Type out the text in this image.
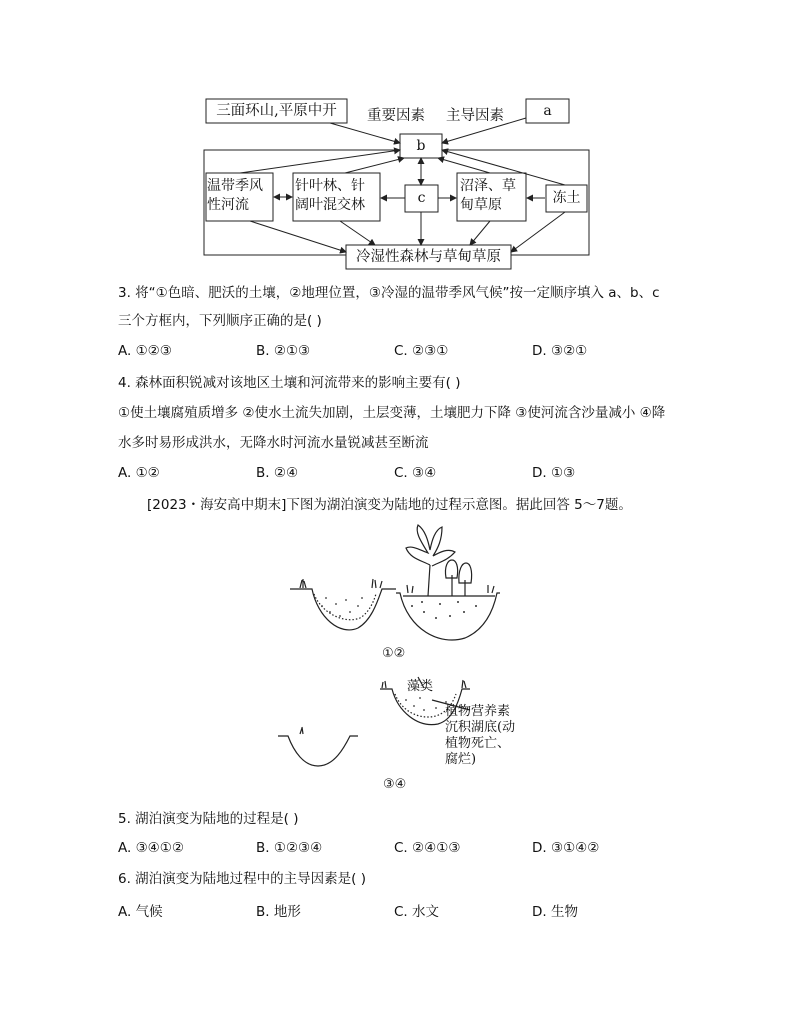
三面环山,平原中开	重要因素 主导因素	a
b
c
温带季风
性河流
针叶林、针
阔叶混交林
沼泽、草
甸草原	冻土
冷湿性森林与草甸草原
3. 将“①色暗、肥沃的土壤，②地理位置，③冷湿的温带季风气候”按一定顺序填入 a、b、c
三个方框内，下列顺序正确的是( )
A. ①②③	B. ②①③	C. ②③①	D. ③②①
4. 森林面积锐减对该地区土壤和河流带来的影响主要有( )
①使土壤腐殖质增多 ②使水土流失加剧，土层变薄，土壤肥力下降 ③使河流含沙量减小 ④降
水多时易形成洪水，无降水时河流水量锐减甚至断流
A. ①②	B. ②④	C. ③④	D. ①③
[2023・海安高中期末]下图为湖泊演变为陆地的过程示意图。据此回答 5～7题。
①②
藻类
植物营养素
沉积湖底(动
植物死亡、
腐烂)
③④
5. 湖泊演变为陆地的过程是( )
A. ③④①②	B. ①②③④	C. ②④①③	D. ③①④②
6. 湖泊演变为陆地过程中的主导因素是( )
A. 气候	B. 地形	C. 水文	D. 生物
